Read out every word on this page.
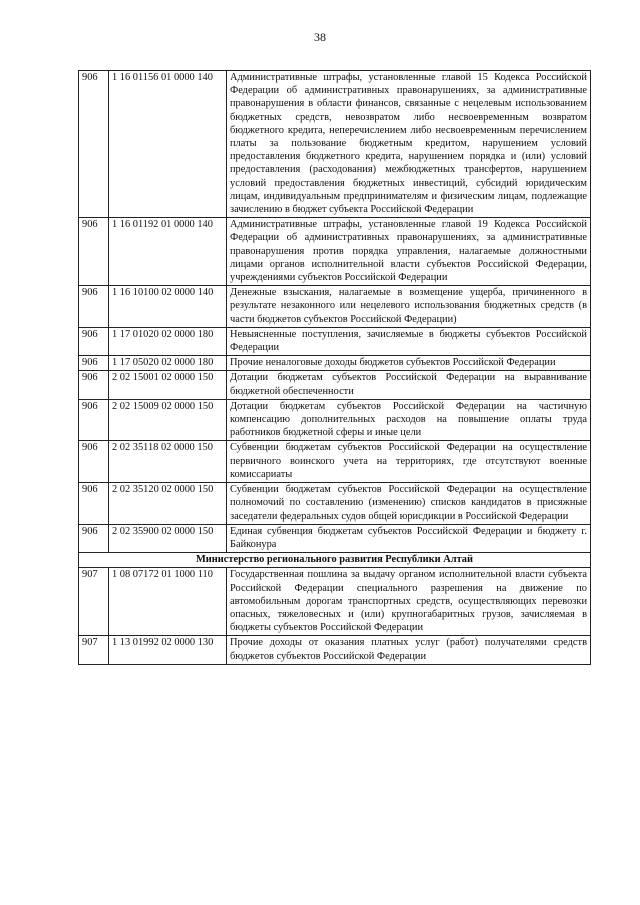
38
906	1 16 01156 01 0000 140	Административные штрафы, установленные главой 15 Кодекса Российской Федерации об административных правонарушениях, за административные правонарушения в области финансов, связанные с нецелевым использованием бюджетных средств, невозвратом либо несвоевременным возвратом бюджетного кредита, неперечислением либо несвоевременным перечислением платы за пользование бюджетным кредитом, нарушением условий предоставления бюджетного кредита, нарушением порядка и (или) условий предоставления (расходования) межбюджетных трансфертов, нарушением условий предоставления бюджетных инвестиций, субсидий юридическим лицам, индивидуальным предпринимателям и физическим лицам, подлежащие зачислению в бюджет субъекта Российской Федерации
906	1 16 01192 01 0000 140	Административные штрафы, установленные главой 19 Кодекса Российской Федерации об административных правонарушениях, за административные правонарушения против порядка управления, налагаемые должностными лицами органов исполнительной власти субъектов Российской Федерации, учреждениями субъектов Российской Федерации
906	1 16 10100 02 0000 140	Денежные взыскания, налагаемые в возмещение ущерба, причиненного в результате незаконного или нецелевого использования бюджетных средств (в части бюджетов субъектов Российской Федерации)
906	1 17 01020 02 0000 180	Невыясненные поступления, зачисляемые в бюджеты субъектов Российской Федерации
906	1 17 05020 02 0000 180	Прочие неналоговые доходы бюджетов субъектов Российской Федерации
906	2 02 15001 02 0000 150	Дотации бюджетам субъектов Российской Федерации на выравнивание бюджетной обеспеченности
906	2 02 15009 02 0000 150	Дотации бюджетам субъектов Российской Федерации на частичную компенсацию дополнительных расходов на повышение оплаты труда работников бюджетной сферы и иные цели
906	2 02 35118 02 0000 150	Субвенции бюджетам субъектов Российской Федерации на осуществление первичного воинского учета на территориях, где отсутствуют военные комиссариаты
906	2 02 35120 02 0000 150	Субвенции бюджетам субъектов Российской Федерации на осуществление полномочий по составлению (изменению) списков кандидатов в присяжные заседатели федеральных судов общей юрисдикции в Российской Федерации
906	2 02 35900 02 0000 150	Единая субвенция бюджетам субъектов Российской Федерации и бюджету г. Байконура
Министерство регионального развития Республики Алтай		
907	1 08 07172 01 1000 110	Государственная пошлина за выдачу органом исполнительной власти субъекта Российской Федерации специального разрешения на движение по автомобильным дорогам транспортных средств, осуществляющих перевозки опасных, тяжеловесных и (или) крупногабаритных грузов, зачисляемая в бюджеты субъектов Российской Федерации
907	1 13 01992 02 0000 130	Прочие доходы от оказания платных услуг (работ) получателями средств бюджетов субъектов Российской Федерации
